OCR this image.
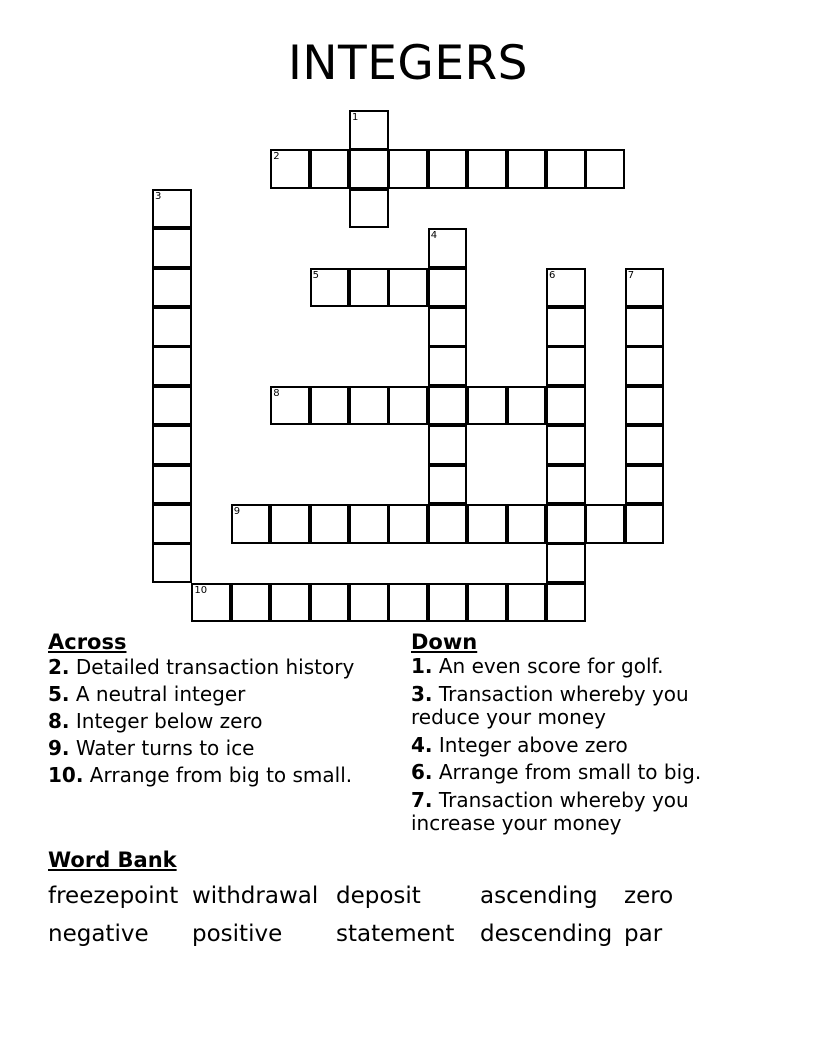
INTEGERS
1
2
3
4
5	6	7
8
9
10
Across
2. Detailed transaction history
5. A neutral integer
8. Integer below zero
9. Water turns to ice
10. Arrange from big to small.
Down
1. An even score for golf.
3. Transaction whereby you reduce your money
4. Integer above zero
6. Arrange from small to big.
7. Transaction whereby you increase your money
Word Bank
freezepoint withdrawal deposit	ascending zero
negative positive statement descending par
